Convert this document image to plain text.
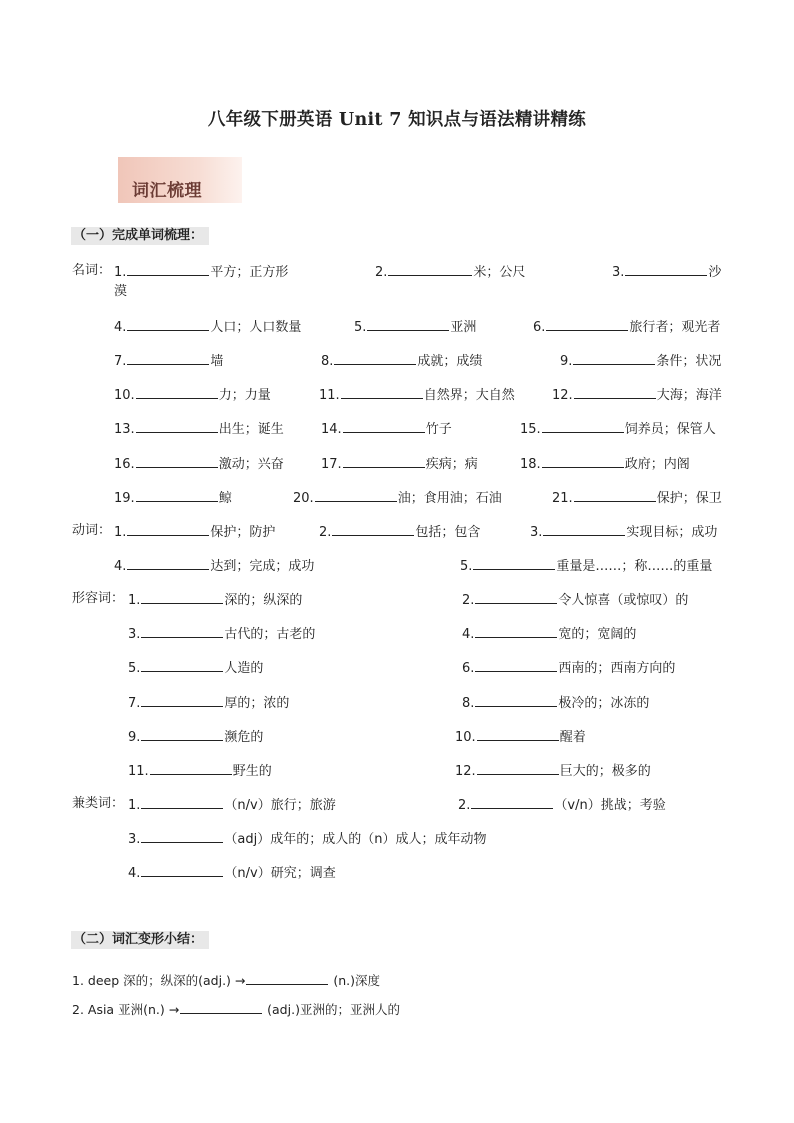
八年级下册英语 Unit 7 知识点与语法精讲精练
词汇梳理
（一）完成单词梳理：
名词： 1.	平方；正方形	2.	米；公尺	3.	沙
漠
4.	人口；人口数量	5.	亚洲	6.	旅行者；观光者
7.	墙	8.	成就；成绩	9.	条件；状况
10.	力；力量	11.	自然界；大自然	12.	大海；海洋
13.	出生；诞生	14.	竹子	15.	饲养员；保管人
16.	激动；兴奋	17.	疾病；病	18.	政府；内阁
19.	鲸	20.	油；食用油；石油	21.	保护；保卫
动词： 1.	保护；防护	2.	包括；包含	3.	实现目标；成功
4.	达到；完成；成功	5.	重量是……；称……的重量
形容词： 1.	深的；纵深的	2.	令人惊喜（或惊叹）的
3.	古代的；古老的	4.	宽的；宽阔的
5.	人造的	6.	西南的；西南方向的
7.	厚的；浓的	8.	极冷的；冰冻的
9.	濒危的	10.	醒着
11.	野生的	12.	巨大的；极多的
兼类词： 1.	（n/v）旅行；旅游	2.	（v/n）挑战；考验
3.	（adj）成年的；成人的（n）成人；成年动物
4.	（n/v）研究；调查
（二）词汇变形小结：
1. deep 深的；纵深的(adj.) →	(n.)深度
2. Asia 亚洲(n.) →	(adj.)亚洲的；亚洲人的
